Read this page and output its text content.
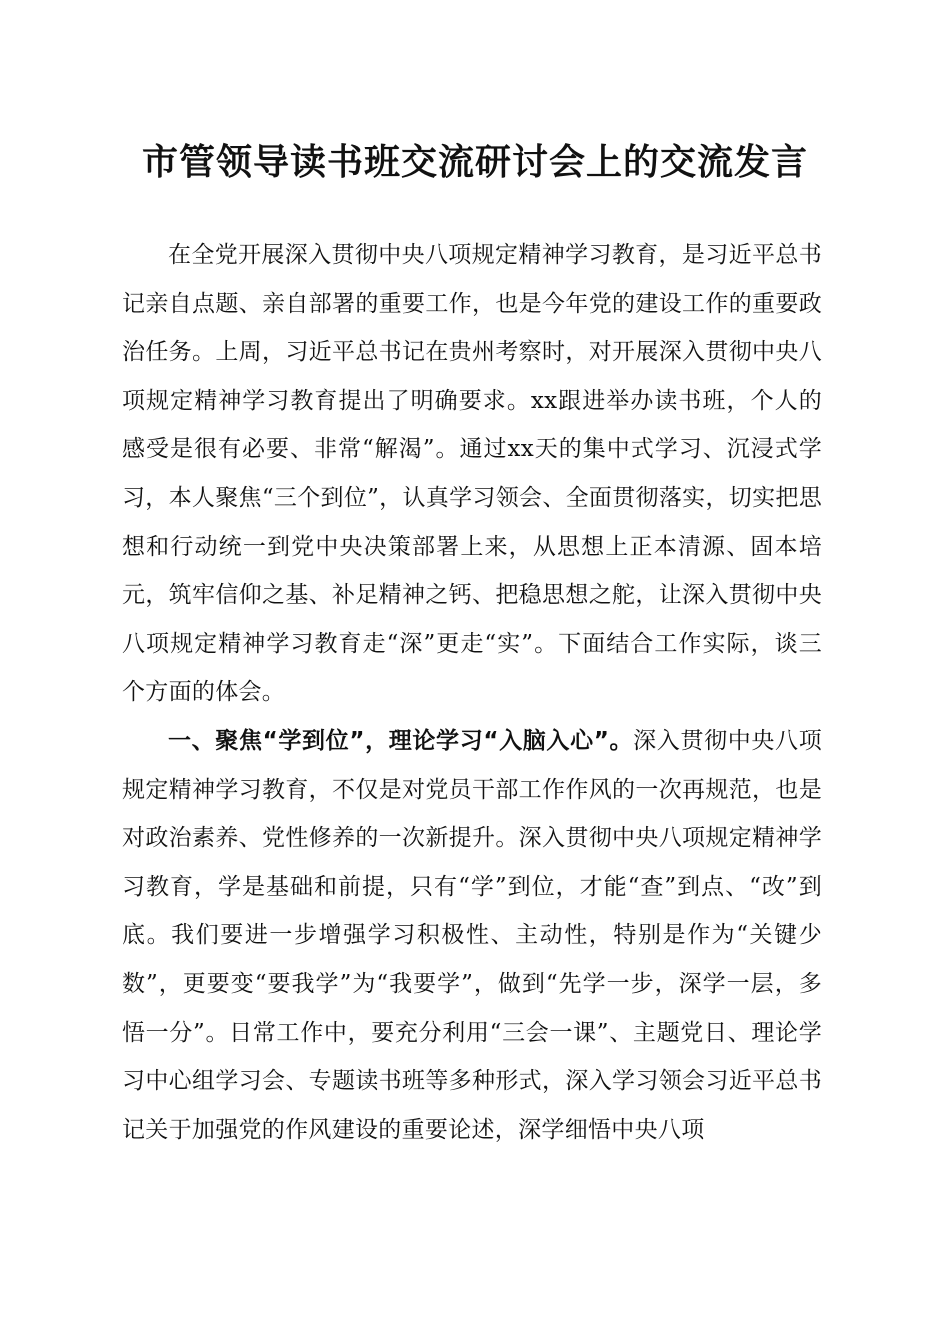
市管领导读书班交流研讨会上的交流发言

在全党开展深入贯彻中央八项规定精神学习教育，是习近平总书记亲自点题、亲自部署的重要工作，也是今年党的建设工作的重要政治任务。上周，习近平总书记在贵州考察时，对开展深入贯彻中央八项规定精神学习教育提出了明确要求。xx跟进举办读书班，个人的感受是很有必要、非常“解渴”。通过xx天的集中式学习、沉浸式学习，本人聚焦“三个到位”，认真学习领会、全面贯彻落实，切实把思想和行动统一到党中央决策部署上来，从思想上正本清源、固本培元，筑牢信仰之基、补足精神之钙、把稳思想之舵，让深入贯彻中央八项规定精神学习教育走“深”更走“实”。下面结合工作实际，谈三个方面的体会。

一、聚焦“学到位”，理论学习“入脑入心”。深入贯彻中央八项规定精神学习教育，不仅是对党员干部工作作风的一次再规范，也是对政治素养、党性修养的一次新提升。深入贯彻中央八项规定精神学习教育，学是基础和前提，只有“学”到位，才能“查”到点、“改”到底。我们要进一步增强学习积极性、主动性，特别是作为“关键少数”，更要变“要我学”为“我要学”，做到“先学一步，深学一层，多悟一分”。日常工作中，要充分利用“三会一课”、主题党日、理论学习中心组学习会、专题读书班等多种形式，深入学习领会习近平总书记关于加强党的作风建设的重要论述，深学细悟中央八项
